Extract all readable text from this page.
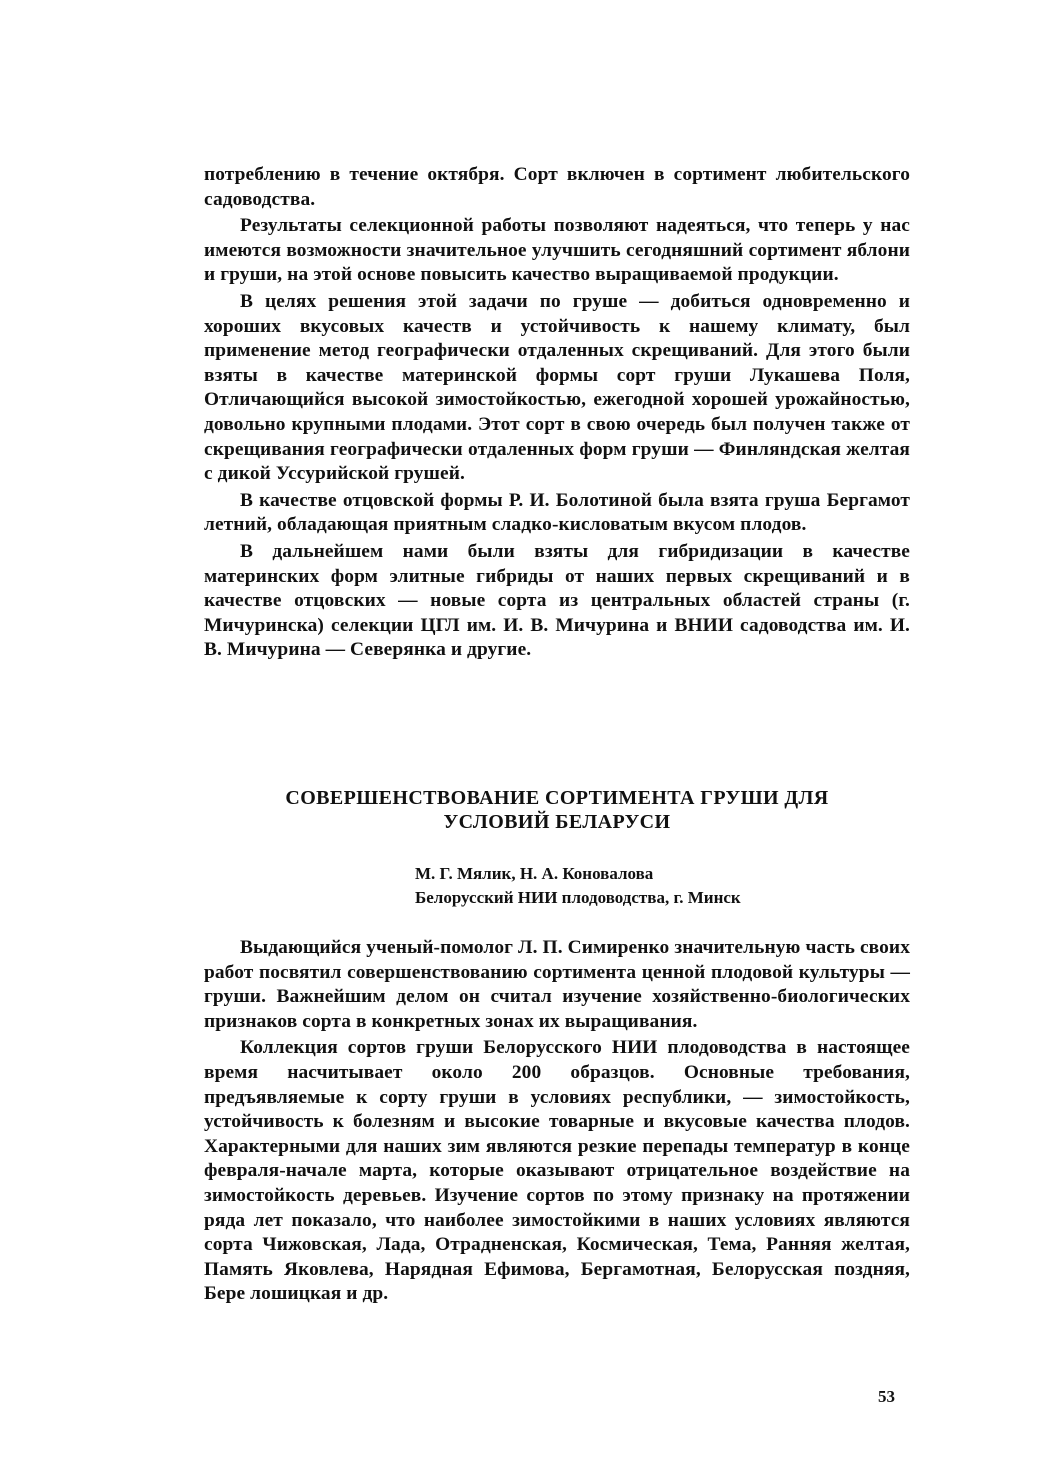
потреблению в течение октября. Сорт включен в сортимент любительского садоводства.

Результаты селекционной работы позволяют надеяться, что теперь у нас имеются возможности значительное улучшить сегодняшний сортимент яблони и груши, на этой основе повысить качество выращиваемой продукции.

В целях решения этой задачи по груше — добиться одновременно и хороших вкусовых качеств и устойчивость к нашему климату, был применение метод географически отдаленных скрещиваний. Для этого были взяты в качестве материнской формы сорт груши Лукашева Поля, Отличающийся высокой зимостойкостью, ежегодной хорошей урожайностью, довольно крупными плодами. Этот сорт в свою очередь был получен также от скрещивания географически отдаленных форм груши — Финляндская желтая с дикой Уссурийской грушей.

В качестве отцовской формы Р. И. Болотиной была взята груша Бергамот летний, обладающая приятным сладко-кисловатым вкусом плодов.

В дальнейшем нами были взяты для гибридизации в качестве материнских форм элитные гибриды от наших первых скрещиваний и в качестве отцовских — новые сорта из центральных областей страны (г. Мичуринска) селекции ЦГЛ им. И. В. Мичурина и ВНИИ садоводства им. И. В. Мичурина — Северянка и другие.

СОВЕРШЕНСТВОВАНИЕ СОРТИМЕНТА ГРУШИ ДЛЯ
УСЛОВИЙ БЕЛАРУСИ
М. Г. Мялик, Н. А. Коновалова
Белорусский НИИ плодоводства, г. Минск

Выдающийся ученый-помолог Л. П. Симиренко значительную часть своих работ посвятил совершенствованию сортимента ценной плодовой культуры — груши. Важнейшим делом он считал изучение хозяйственно-биологических признаков сорта в конкретных зонах их выращивания.

Коллекция сортов груши Белорусского НИИ плодоводства в настоящее время насчитывает около 200 образцов. Основные требования, предъявляемые к сорту груши в условиях республики, — зимостойкость, устойчивость к болезням и высокие товарные и вкусовые качества плодов. Характерными для наших зим являются резкие перепады температур в конце февраля-начале марта, которые оказывают отрицательное воздействие на зимостойкость деревьев. Изучение сортов по этому признаку на протяжении ряда лет показало, что наиболее зимостойкими в наших условиях являются сорта Чижовская, Лада, Отрадненская, Космическая, Тема, Ранняя желтая, Память Яковлева, Нарядная Ефимова, Бергамотная, Белорусская поздняя, Бере лошицкая и др.

53
